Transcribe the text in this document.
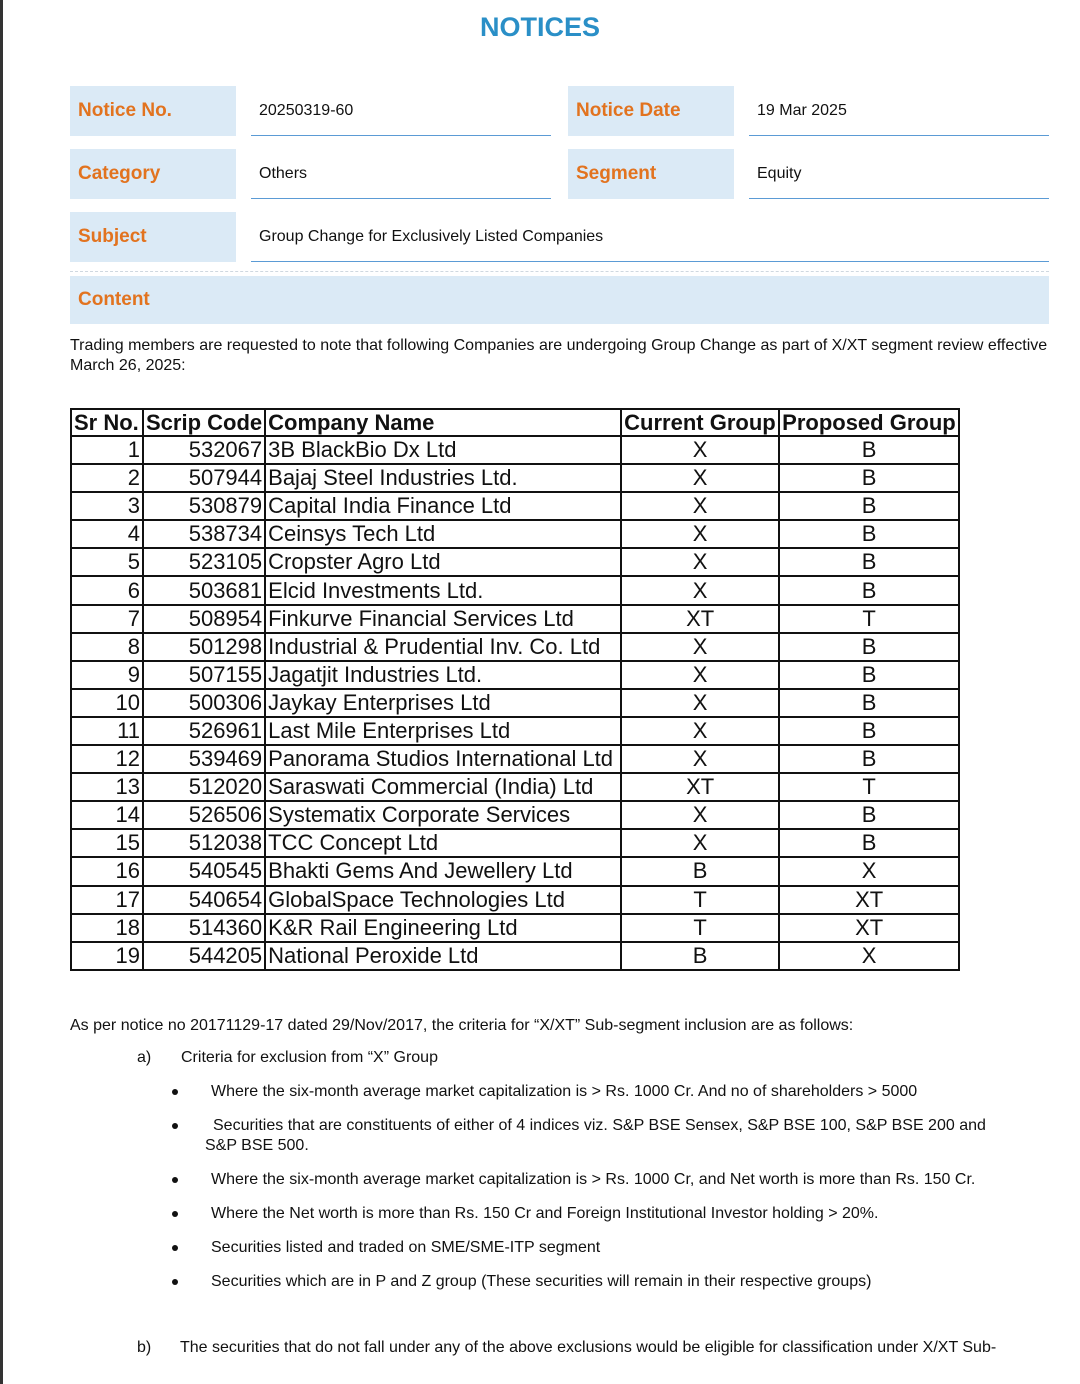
NOTICES
Notice No.	20250319-60	Notice Date	19 Mar 2025
Category	Others	Segment	Equity
Subject	Group Change for Exclusively Listed Companies
Content
Trading members are requested to note that following Companies are undergoing Group Change as part of X/XT segment review effective March 26, 2025:
Sr No.	Scrip Code	Company Name	Current Group	Proposed Group
1	532067	3B BlackBio Dx Ltd	X	B
2	507944	Bajaj Steel Industries Ltd.	X	B
3	530879	Capital India Finance Ltd	X	B
4	538734	Ceinsys Tech Ltd	X	B
5	523105	Cropster Agro Ltd	X	B
6	503681	Elcid Investments Ltd.	X	B
7	508954	Finkurve Financial Services Ltd	XT	T
8	501298	Industrial & Prudential Inv. Co. Ltd	X	B
9	507155	Jagatjit Industries Ltd.	X	B
10	500306	Jaykay Enterprises Ltd	X	B
11	526961	Last Mile Enterprises Ltd	X	B
12	539469	Panorama Studios International Ltd	X	B
13	512020	Saraswati Commercial (India) Ltd	XT	T
14	526506	Systematix Corporate Services	X	B
15	512038	TCC Concept Ltd	X	B
16	540545	Bhakti Gems And Jewellery Ltd	B	X
17	540654	GlobalSpace Technologies Ltd	T	XT
18	514360	K&R Rail Engineering Ltd	T	XT
19	544205	National Peroxide Ltd	B	X
As per notice no 20171129-17 dated 29/Nov/2017, the criteria for “X/XT” Sub-segment inclusion are as follows:
a) Criteria for exclusion from “X” Group
Where the six-month average market capitalization is > Rs. 1000 Cr. And no of shareholders > 5000
Securities that are constituents of either of 4 indices viz. S&P BSE Sensex, S&P BSE 100, S&P BSE 200 and
S&P BSE 500.
Where the six-month average market capitalization is > Rs. 1000 Cr, and Net worth is more than Rs. 150 Cr.
Where the Net worth is more than Rs. 150 Cr and Foreign Institutional Investor holding > 20%.
Securities listed and traded on SME/SME-ITP segment
Securities which are in P and Z group (These securities will remain in their respective groups)
b) The securities that do not fall under any of the above exclusions would be eligible for classification under X/XT Sub-
